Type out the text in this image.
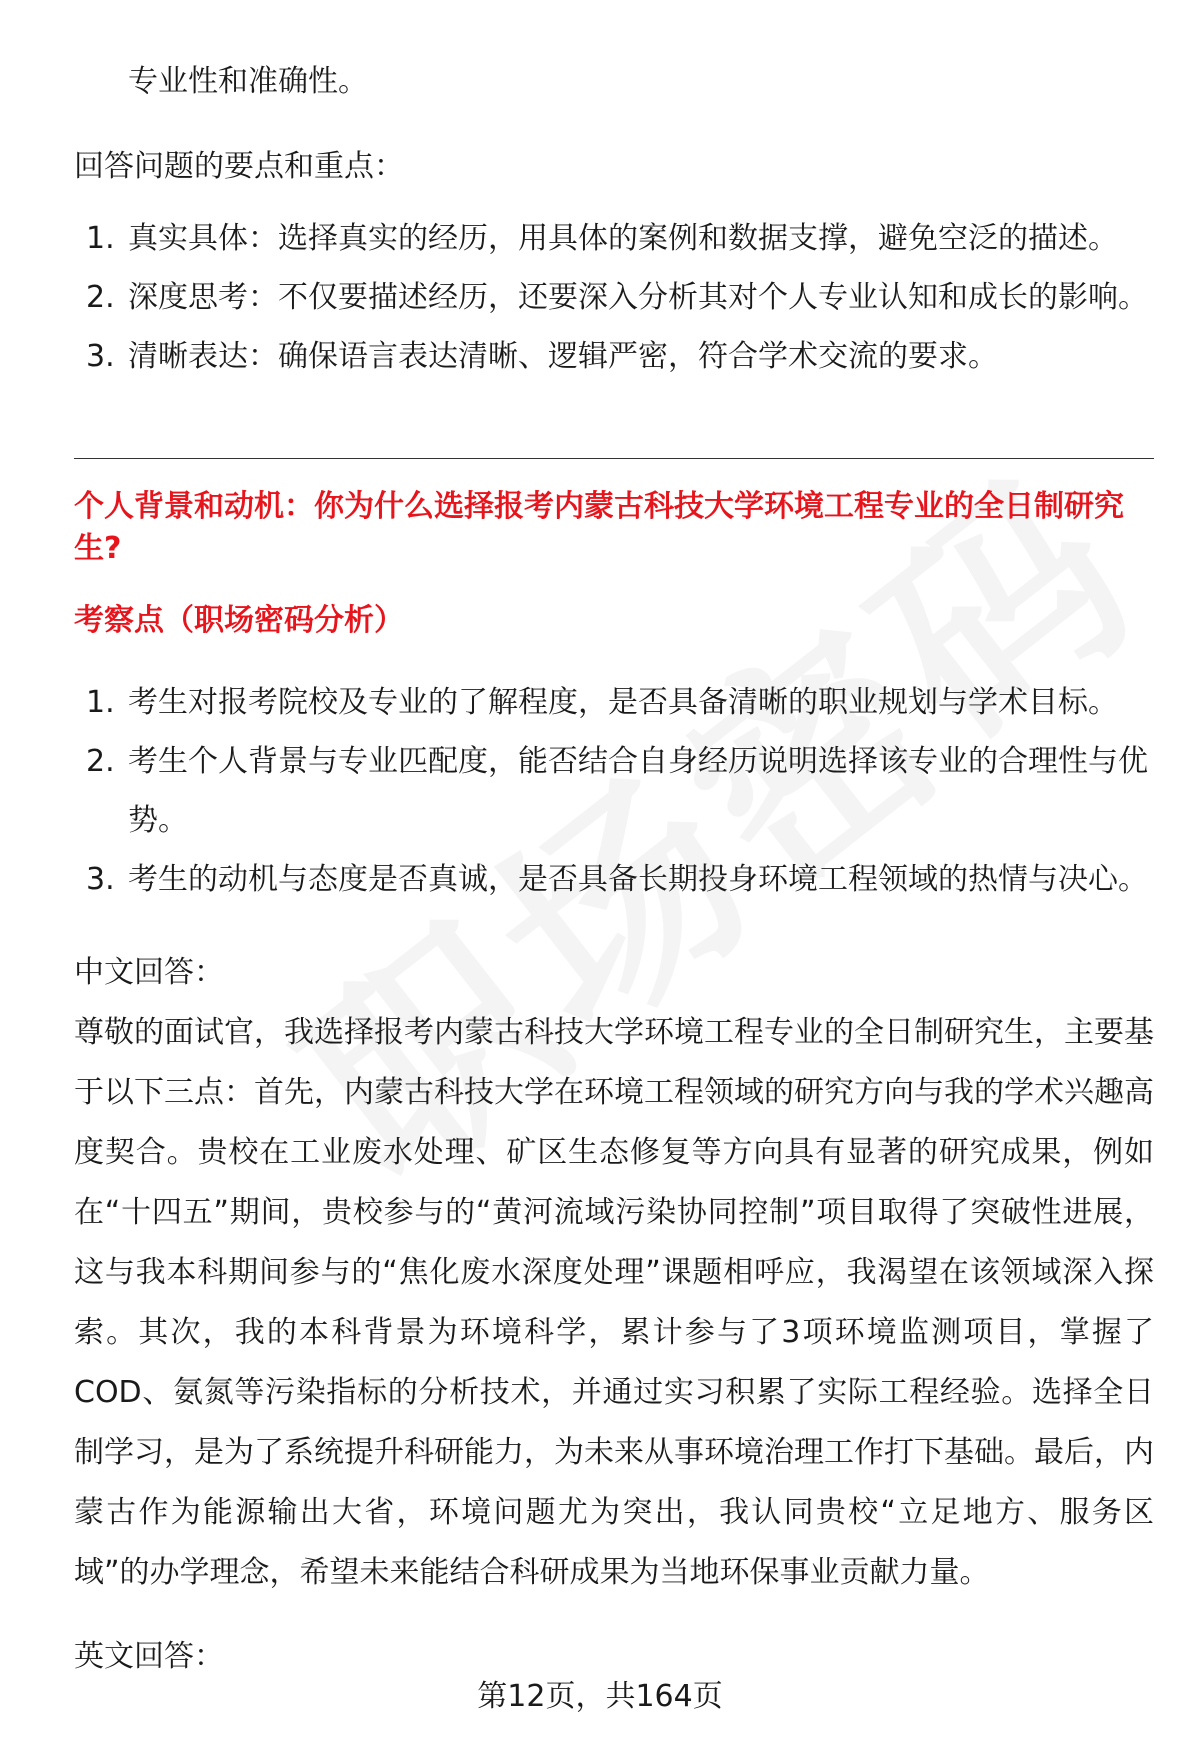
专业性和准确性。

回答问题的要点和重点：

1. 真实具体：选择真实的经历，用具体的案例和数据支撑，避免空泛的描述。
2. 深度思考：不仅要描述经历，还要深入分析其对个人专业认知和成长的影响。
3. 清晰表达：确保语言表达清晰、逻辑严密，符合学术交流的要求。
个人背景和动机：你为什么选择报考内蒙古科技大学环境工程专业的全日制研究生?
考察点（职场密码分析）
1. 考生对报考院校及专业的了解程度，是否具备清晰的职业规划与学术目标。
2. 考生个人背景与专业匹配度，能否结合自身经历说明选择该专业的合理性与优势。
3. 考生的动机与态度是否真诚，是否具备长期投身环境工程领域的热情与决心。

中文回答：

尊敬的面试官，我选择报考内蒙古科技大学环境工程专业的全日制研究生，主要基于以下三点：首先，内蒙古科技大学在环境工程领域的研究方向与我的学术兴趣高度契合。贵校在工业废水处理、矿区生态修复等方向具有显著的研究成果，例如在“十四五”期间，贵校参与的“黄河流域污染协同控制”项目取得了突破性进展，这与我本科期间参与的“焦化废水深度处理”课题相呼应，我渴望在该领域深入探索。其次，我的本科背景为环境科学，累计参与了3项环境监测项目，掌握了COD、氨氮等污染指标的分析技术，并通过实习积累了实际工程经验。选择全日制学习，是为了系统提升科研能力，为未来从事环境治理工作打下基础。最后，内蒙古作为能源输出大省，环境问题尤为突出，我认同贵校“立足地方、服务区域”的办学理念，希望未来能结合科研成果为当地环保事业贡献力量。

英文回答：

第12页，共164页
